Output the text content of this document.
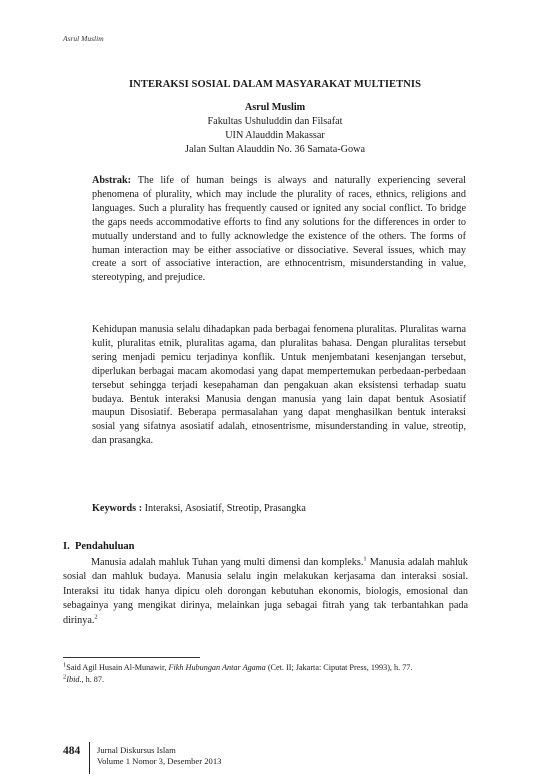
Asrul Muslim
INTERAKSI SOSIAL DALAM MASYARAKAT MULTIETNIS
Asrul Muslim
Fakultas Ushuluddin dan Filsafat
UIN Alauddin Makassar
Jalan Sultan Alauddin No. 36 Samata-Gowa
Abstrak: The life of human beings is always and naturally experiencing several phenomena of plurality, which may include the plurality of races, ethnics, religions and languages. Such a plurality has frequently caused or ignited any social conflict. To bridge the gaps needs accommodative efforts to find any solutions for the differences in order to mutually understand and to fully acknowledge the existence of the others. The forms of human interaction may be either associative or dissociative. Several issues, which may create a sort of associative interaction, are ethnocentrism, misunderstanding in value, stereotyping, and prejudice.
Kehidupan manusia selalu dihadapkan pada berbagai fenomena pluralitas. Pluralitas warna kulit, pluralitas etnik, pluralitas agama, dan pluralitas bahasa. Dengan pluralitas tersebut sering menjadi pemicu terjadinya konflik. Untuk menjembatani kesenjangan tersebut, diperlukan berbagai macam akomodasi yang dapat mempertemukan perbedaan-perbedaan tersebut sehingga terjadi kesepahaman dan pengakuan akan eksistensi terhadap suatu budaya. Bentuk interaksi Manusia dengan manusia yang lain dapat bentuk Asosiatif maupun Disosiatif. Beberapa permasalahan yang dapat menghasilkan bentuk interaksi sosial yang sifatnya asosiatif adalah, etnosentrisme, misunderstanding in value, streotip, dan prasangka.
Keywords : Interaksi, Asosiatif, Streotip, Prasangka
I. Pendahuluan
Manusia adalah mahluk Tuhan yang multi dimensi dan kompleks.$^1$ Manusia adalah mahluk sosial dan mahluk budaya. Manusia selalu ingin melakukan kerjasama dan interaksi sosial. Interaksi itu tidak hanya dipicu oleh dorongan kebutuhan ekonomis, biologis, emosional dan sebagainya yang mengikat dirinya, melainkan juga sebagai fitrah yang tak terbantahkan pada dirinya.$^2$
$^1$Said Agil Husain Al-Munawir, Fikh Hubungan Antar Agama (Cet. II; Jakarta: Ciputat Press, 1993), h. 77.
$^2$Ibid., h. 87.
484 Jurnal Diskursus Islam
Volume 1 Nomor 3, Desember 2013
